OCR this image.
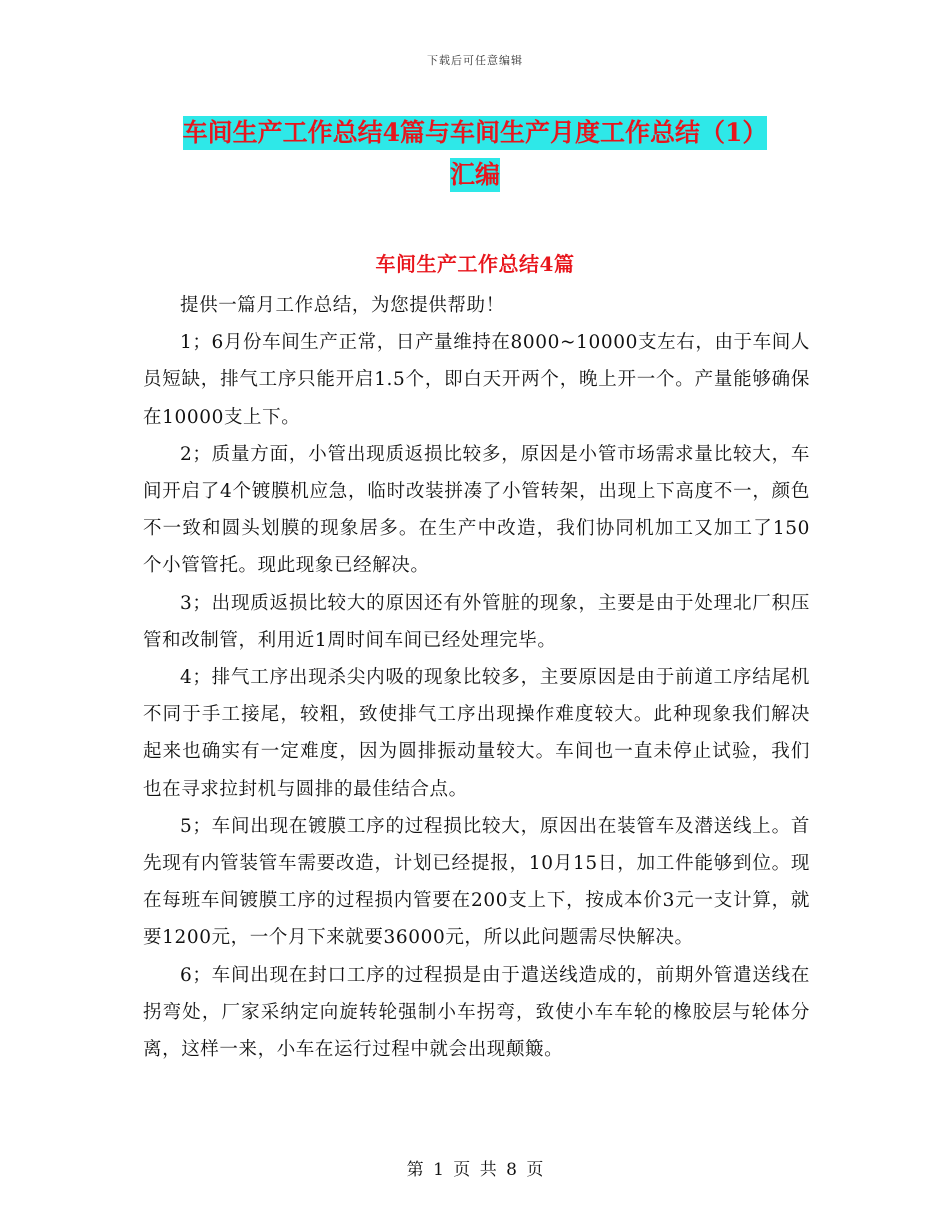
下载后可任意编辑
车间生产工作总结4篇与车间生产月度工作总结（1）
汇编
车间生产工作总结4篇

提供一篇月工作总结，为您提供帮助！

1；6月份车间生产正常，日产量维持在8000~10000支左右，由于车间人员短缺，排气工序只能开启1.5个，即白天开两个，晚上开一个。产量能够确保在10000支上下。

2；质量方面，小管出现质返损比较多，原因是小管市场需求量比较大，车间开启了4个镀膜机应急，临时改装拼凑了小管转架，出现上下高度不一，颜色不一致和圆头划膜的现象居多。在生产中改造，我们协同机加工又加工了150个小管管托。现此现象已经解决。

3；出现质返损比较大的原因还有外管脏的现象，主要是由于处理北厂积压管和改制管，利用近1周时间车间已经处理完毕。

4；排气工序出现杀尖内吸的现象比较多，主要原因是由于前道工序结尾机不同于手工接尾，较粗，致使排气工序出现操作难度较大。此种现象我们解决起来也确实有一定难度，因为圆排振动量较大。车间也一直未停止试验，我们也在寻求拉封机与圆排的最佳结合点。

5；车间出现在镀膜工序的过程损比较大，原因出在装管车及潜送线上。首先现有内管装管车需要改造，计划已经提报，10月15日，加工件能够到位。现在每班车间镀膜工序的过程损内管要在200支上下，按成本价3元一支计算，就要1200元，一个月下来就要36000元，所以此问题需尽快解决。

6；车间出现在封口工序的过程损是由于遣送线造成的，前期外管遣送线在拐弯处，厂家采纳定向旋转轮强制小车拐弯，致使小车车轮的橡胶层与轮体分离，这样一来，小车在运行过程中就会出现颠簸。

第 1 页 共 8 页
